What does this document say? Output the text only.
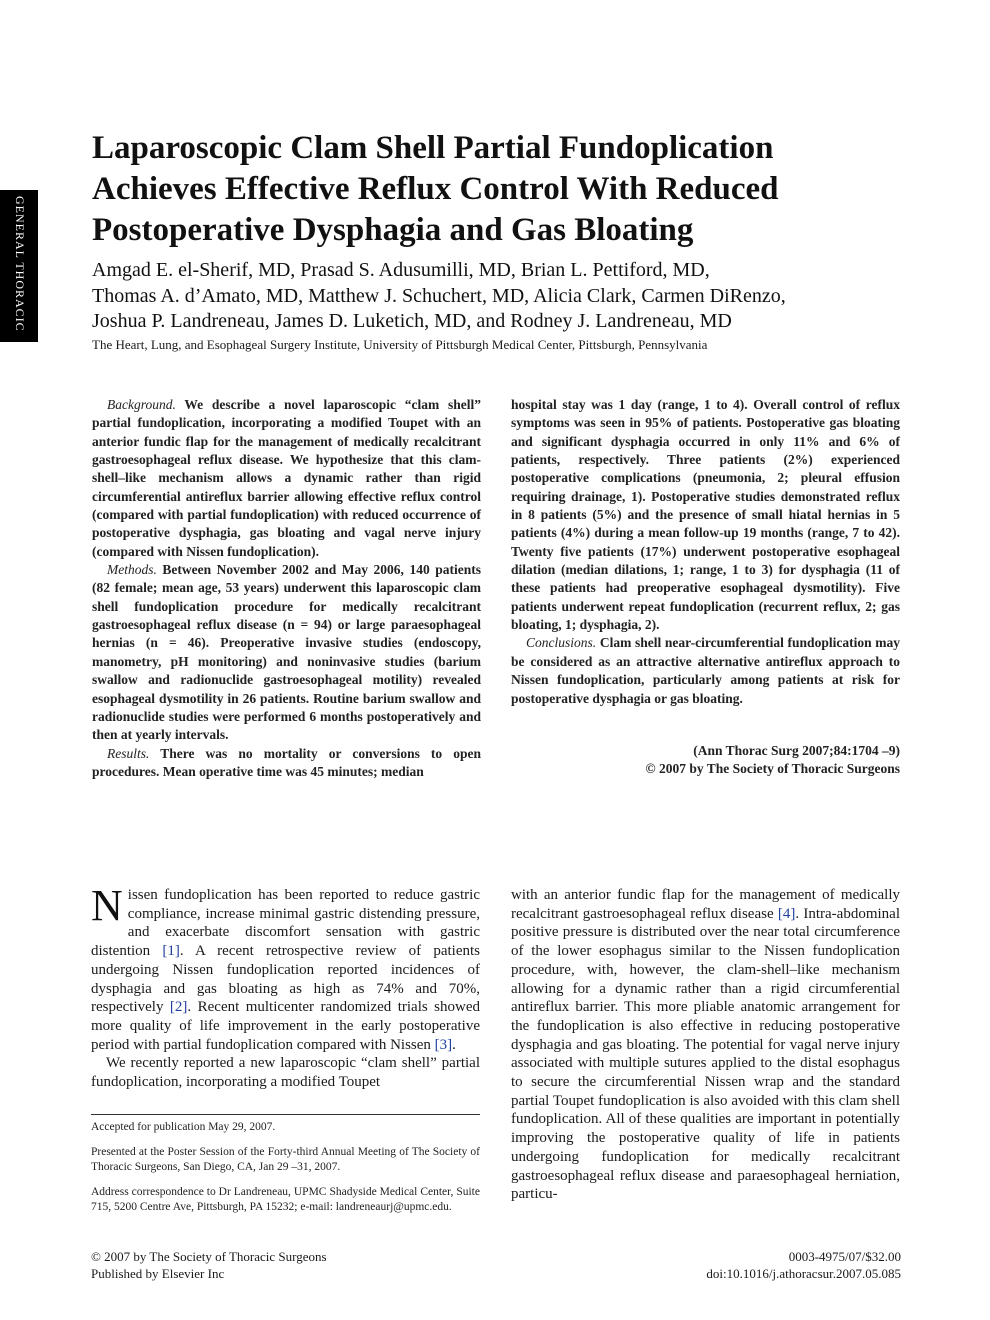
GENERAL THORACIC
Laparoscopic Clam Shell Partial Fundoplication Achieves Effective Reflux Control With Reduced Postoperative Dysphagia and Gas Bloating
Amgad E. el-Sherif, MD, Prasad S. Adusumilli, MD, Brian L. Pettiford, MD,
Thomas A. d’Amato, MD, Matthew J. Schuchert, MD, Alicia Clark, Carmen DiRenzo,
Joshua P. Landreneau, James D. Luketich, MD, and Rodney J. Landreneau, MD
The Heart, Lung, and Esophageal Surgery Institute, University of Pittsburgh Medical Center, Pittsburgh, Pennsylvania

Background. We describe a novel laparoscopic “clam shell” partial fundoplication, incorporating a modified Toupet with an anterior fundic flap for the management of medically recalcitrant gastroesophageal reflux disease. We hypothesize that this clam-shell–like mechanism allows a dynamic rather than rigid circumferential antireflux barrier allowing effective reflux control (compared with partial fundoplication) with reduced occurrence of postoperative dysphagia, gas bloating and vagal nerve injury (compared with Nissen fundoplication).

Methods. Between November 2002 and May 2006, 140 patients (82 female; mean age, 53 years) underwent this laparoscopic clam shell fundoplication procedure for medically recalcitrant gastroesophageal reflux disease (n = 94) or large paraesophageal hernias (n = 46). Preoperative invasive studies (endoscopy, manometry, pH monitoring) and noninvasive studies (barium swallow and radionuclide gastroesophageal motility) revealed esophageal dysmotility in 26 patients. Routine barium swallow and radionuclide studies were performed 6 months postoperatively and then at yearly intervals.

Results. There was no mortality or conversions to open procedures. Mean operative time was 45 minutes; median

hospital stay was 1 day (range, 1 to 4). Overall control of reflux symptoms was seen in 95% of patients. Postoperative gas bloating and significant dysphagia occurred in only 11% and 6% of patients, respectively. Three patients (2%) experienced postoperative complications (pneumonia, 2; pleural effusion requiring drainage, 1). Postoperative studies demonstrated reflux in 8 patients (5%) and the presence of small hiatal hernias in 5 patients (4%) during a mean follow-up 19 months (range, 7 to 42). Twenty five patients (17%) underwent postoperative esophageal dilation (median dilations, 1; range, 1 to 3) for dysphagia (11 of these patients had preoperative esophageal dysmotility). Five patients underwent repeat fundoplication (recurrent reflux, 2; gas bloating, 1; dysphagia, 2).

Conclusions. Clam shell near-circumferential fundoplication may be considered as an attractive alternative antireflux approach to Nissen fundoplication, particularly among patients at risk for postoperative dysphagia or gas bloating.

(Ann Thorac Surg 2007;84:1704 –9)
© 2007 by The Society of Thoracic Surgeons

Nissen fundoplication has been reported to reduce gastric compliance, increase minimal gastric distending pressure, and exacerbate discomfort sensation with gastric distention [1]. A recent retrospective review of patients undergoing Nissen fundoplication reported incidences of dysphagia and gas bloating as high as 74% and 70%, respectively [2]. Recent multicenter randomized trials showed more quality of life improvement in the early postoperative period with partial fundoplication compared with Nissen [3].

We recently reported a new laparoscopic “clam shell” partial fundoplication, incorporating a modified Toupet

with an anterior fundic flap for the management of medically recalcitrant gastroesophageal reflux disease [4]. Intra-abdominal positive pressure is distributed over the near total circumference of the lower esophagus similar to the Nissen fundoplication procedure, with, however, the clam-shell–like mechanism allowing for a dynamic rather than a rigid circumferential antireflux barrier. This more pliable anatomic arrangement for the fundoplication is also effective in reducing postoperative dysphagia and gas bloating. The potential for vagal nerve injury associated with multiple sutures applied to the distal esophagus to secure the circumferential Nissen wrap and the standard partial Toupet fundoplication is also avoided with this clam shell fundoplication. All of these qualities are important in potentially improving the postoperative quality of life in patients undergoing fundoplication for medically recalcitrant gastroesophageal reflux disease and paraesophageal herniation, particu-

Accepted for publication May 29, 2007.

Presented at the Poster Session of the Forty-third Annual Meeting of The Society of Thoracic Surgeons, San Diego, CA, Jan 29 –31, 2007.

Address correspondence to Dr Landreneau, UPMC Shadyside Medical Center, Suite 715, 5200 Centre Ave, Pittsburgh, PA 15232; e-mail: landreneaurj@upmc.edu.

© 2007 by The Society of Thoracic Surgeons
Published by Elsevier Inc
0003-4975/07/$32.00
doi:10.1016/j.athoracsur.2007.05.085
